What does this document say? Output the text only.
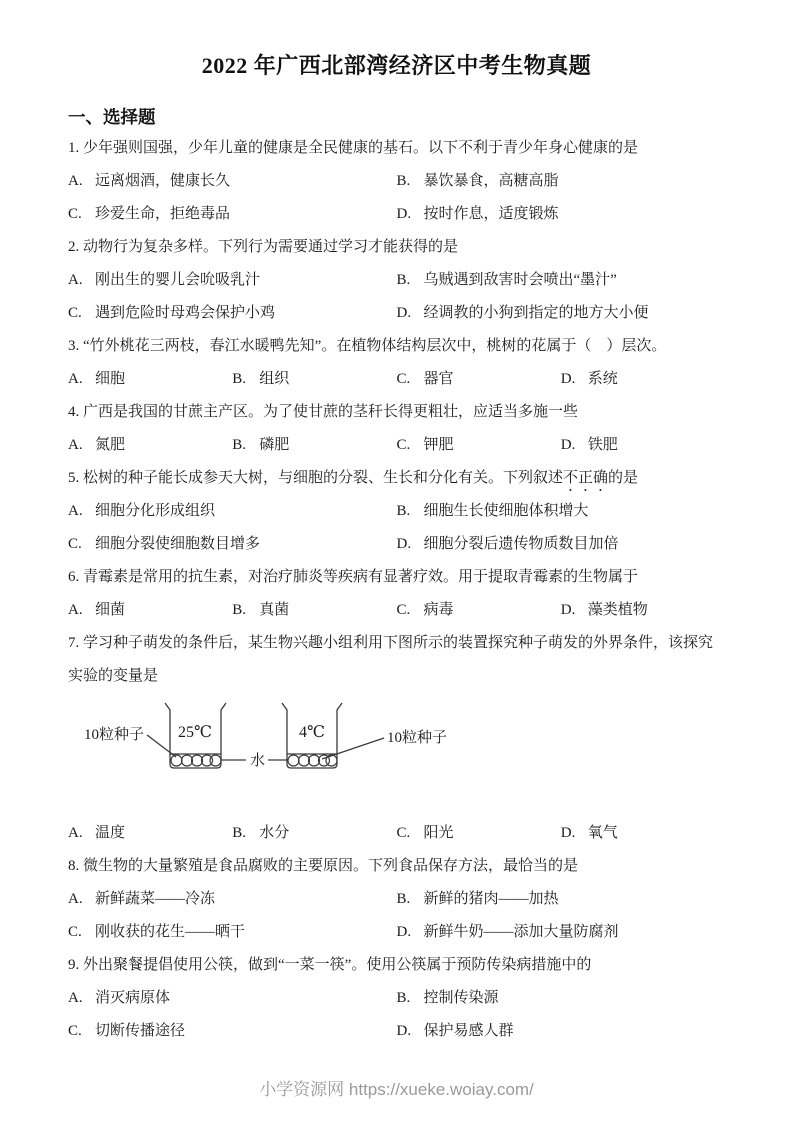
2022 年广西北部湾经济区中考生物真题
一、选择题

1. 少年强则国强，少年儿童的健康是全民健康的基石。以下不利于青少年身心健康的是

A. 远离烟酒，健康长久	B. 暴饮暴食，高糖高脂
C. 珍爱生命，拒绝毒品	D. 按时作息，适度锻炼

2. 动物行为复杂多样。下列行为需要通过学习才能获得的是

A. 刚出生的婴儿会吮吸乳汁	B. 乌贼遇到敌害时会喷出“墨汁”
C. 遇到危险时母鸡会保护小鸡	D. 经调教的小狗到指定的地方大小便

3. “竹外桃花三两枝，春江水暖鸭先知”。在植物体结构层次中，桃树的花属于（　）层次。

A. 细胞	B. 组织	C. 器官	D. 系统

4. 广西是我国的甘蔗主产区。为了使甘蔗的茎秆长得更粗壮，应适当多施一些

A. 氮肥	B. 磷肥	C. 钾肥	D. 铁肥

5. 松树的种子能长成参天大树，与细胞的分裂、生长和分化有关。下列叙述不正确的是

A. 细胞分化形成组织	B. 细胞生长使细胞体积增大
C. 细胞分裂使细胞数目增多	D. 细胞分裂后遗传物质数目加倍

6. 青霉素是常用的抗生素，对治疗肺炎等疾病有显著疗效。用于提取青霉素的生物属于

A. 细菌	B. 真菌	C. 病毒	D. 藻类植物

7. 学习种子萌发的条件后，某生物兴趣小组利用下图所示的装置探究种子萌发的外界条件，该探究实验的变量是

10粒种子 25℃
水
4℃	10粒种子
A. 温度	B. 水分	C. 阳光	D. 氧气

8. 微生物的大量繁殖是食品腐败的主要原因。下列食品保存方法，最恰当的是

A. 新鲜蔬菜——冷冻	B. 新鲜的猪肉——加热
C. 刚收获的花生——晒干	D. 新鲜牛奶——添加大量防腐剂

9. 外出聚餐提倡使用公筷，做到“一菜一筷”。使用公筷属于预防传染病措施中的

A. 消灭病原体	B. 控制传染源
C. 切断传播途径	D. 保护易感人群
小学资源网 https://xueke.woiay.com/
